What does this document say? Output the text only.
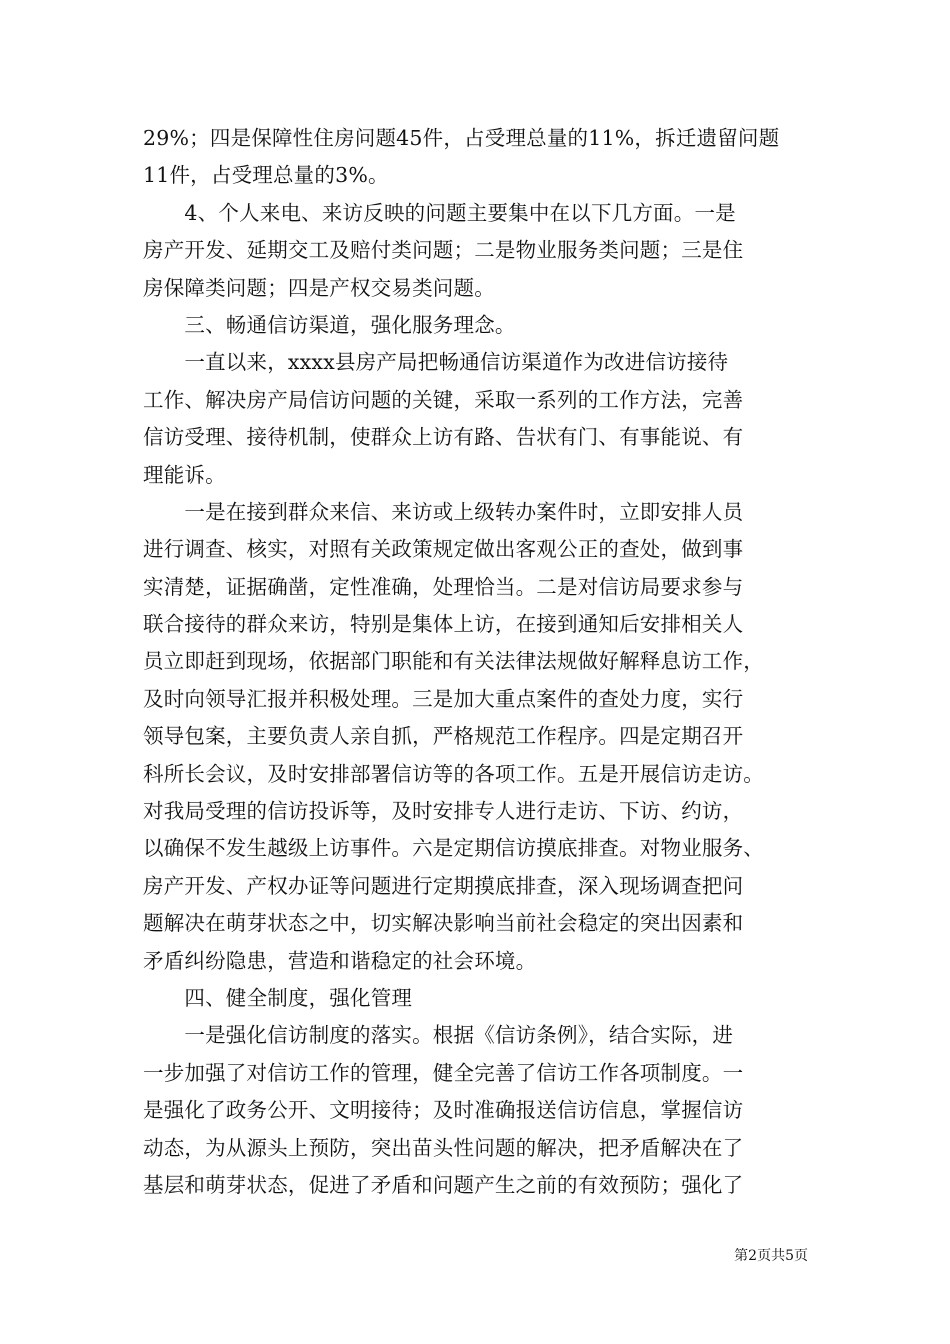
29%；四是保障性住房问题45件，占受理总量的11%，拆迁遗留问题
11件，占受理总量的3%。
　　4、个人来电、来访反映的问题主要集中在以下几方面。一是
房产开发、延期交工及赔付类问题；二是物业服务类问题；三是住
房保障类问题；四是产权交易类问题。
　　三、畅通信访渠道，强化服务理念。
　　一直以来，xxxx县房产局把畅通信访渠道作为改进信访接待
工作、解决房产局信访问题的关键，采取一系列的工作方法，完善
信访受理、接待机制，使群众上访有路、告状有门、有事能说、有
理能诉。
　　一是在接到群众来信、来访或上级转办案件时，立即安排人员
进行调查、核实，对照有关政策规定做出客观公正的查处，做到事
实清楚，证据确凿，定性准确，处理恰当。二是对信访局要求参与
联合接待的群众来访，特别是集体上访，在接到通知后安排相关人
员立即赶到现场，依据部门职能和有关法律法规做好解释息访工作，
及时向领导汇报并积极处理。三是加大重点案件的查处力度，实行
领导包案，主要负责人亲自抓，严格规范工作程序。四是定期召开
科所长会议，及时安排部署信访等的各项工作。五是开展信访走访。
对我局受理的信访投诉等，及时安排专人进行走访、下访、约访，
以确保不发生越级上访事件。六是定期信访摸底排查。对物业服务、
房产开发、产权办证等问题进行定期摸底排查，深入现场调查把问
题解决在萌芽状态之中，切实解决影响当前社会稳定的突出因素和
矛盾纠纷隐患，营造和谐稳定的社会环境。
　　四、健全制度，强化管理
　　一是强化信访制度的落实。根据《信访条例》，结合实际，进
一步加强了对信访工作的管理，健全完善了信访工作各项制度。一
是强化了政务公开、文明接待；及时准确报送信访信息，掌握信访
动态，为从源头上预防，突出苗头性问题的解决，把矛盾解决在了
基层和萌芽状态，促进了矛盾和问题产生之前的有效预防；强化了
第2页共5页
